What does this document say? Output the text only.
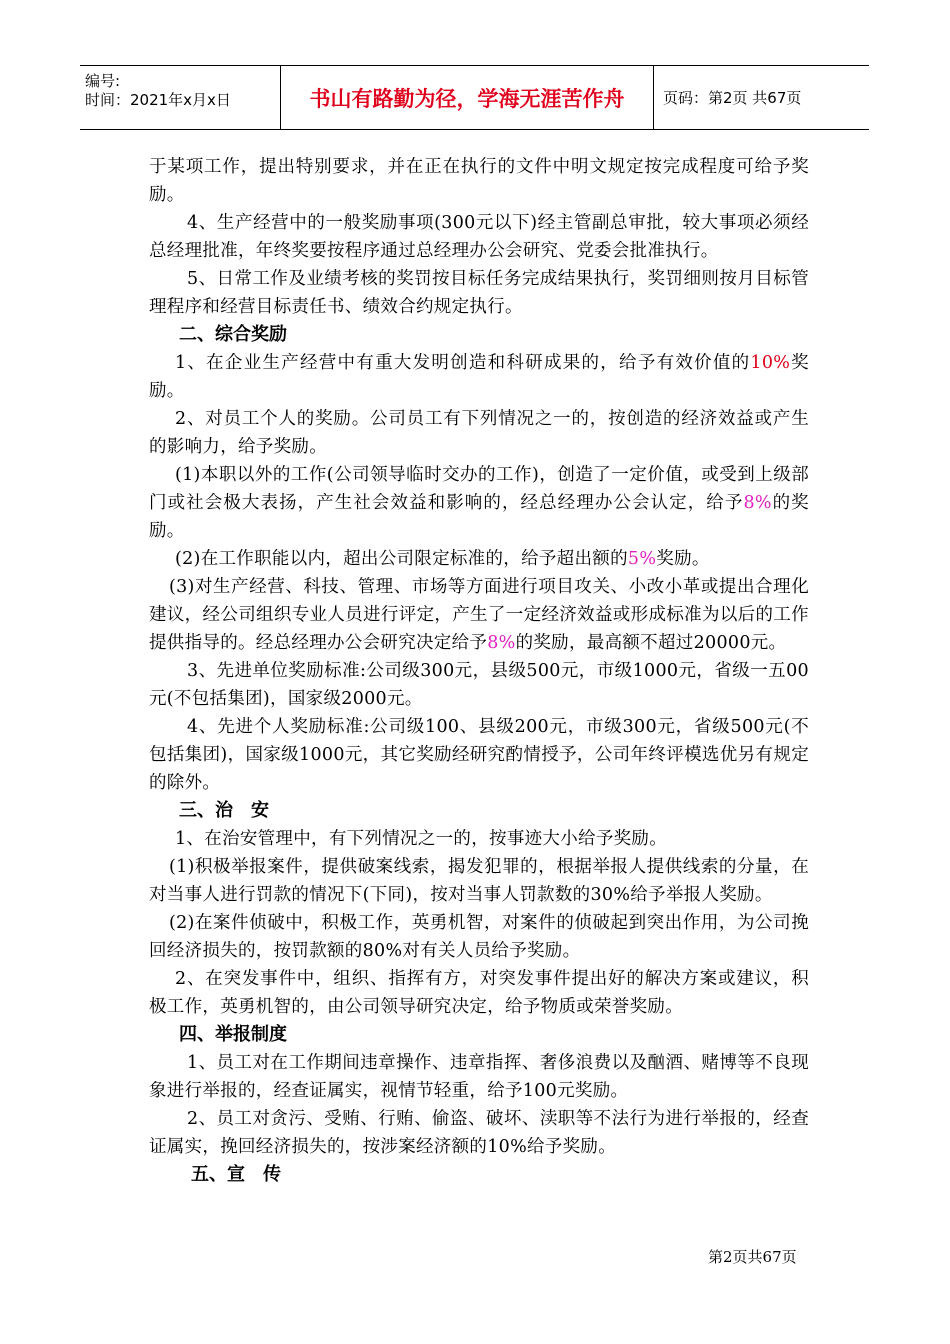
编号:
时间：2021年x月x日	书山有路勤为径，学海无涯苦作舟	页码：第2页 共67页

于某项工作，提出特别要求，并在正在执行的文件中明文规定按完成程度可给予奖励。

4、生产经营中的一般奖励事项(300元以下)经主管副总审批，较大事项必须经总经理批准，年终奖要按程序通过总经理办公会研究、党委会批准执行。

5、日常工作及业绩考核的奖罚按目标任务完成结果执行，奖罚细则按月目标管理程序和经营目标责任书、绩效合约规定执行。

二、综合奖励

1、在企业生产经营中有重大发明创造和科研成果的，给予有效价值的10%奖励。

2、对员工个人的奖励。公司员工有下列情况之一的，按创造的经济效益或产生的影响力，给予奖励。

(1)本职以外的工作(公司领导临时交办的工作)，创造了一定价值，或受到上级部门或社会极大表扬，产生社会效益和影响的，经总经理办公会认定，给予8%的奖励。

(2)在工作职能以内，超出公司限定标准的，给予超出额的5%奖励。

(3)对生产经营、科技、管理、市场等方面进行项目攻关、小改小革或提出合理化建议，经公司组织专业人员进行评定，产生了一定经济效益或形成标准为以后的工作提供指导的。经总经理办公会研究决定给予8%的奖励，最高额不超过20000元。

3、先进单位奖励标准:公司级300元，县级500元，市级1000元，省级一五00元(不包括集团)，国家级2000元。

4、先进个人奖励标准:公司级100、县级200元，市级300元，省级500元(不包括集团)，国家级1000元，其它奖励经研究酌情授予，公司年终评模选优另有规定的除外。

三、治　安

1、在治安管理中，有下列情况之一的，按事迹大小给予奖励。

(1)积极举报案件，提供破案线索，揭发犯罪的，根据举报人提供线索的分量，在对当事人进行罚款的情况下(下同)，按对当事人罚款数的30%给予举报人奖励。

(2)在案件侦破中，积极工作，英勇机智，对案件的侦破起到突出作用，为公司挽回经济损失的，按罚款额的80%对有关人员给予奖励。

2、在突发事件中，组织、指挥有方，对突发事件提出好的解决方案或建议，积极工作，英勇机智的，由公司领导研究决定，给予物质或荣誉奖励。

四、举报制度

1、员工对在工作期间违章操作、违章指挥、奢侈浪费以及酗酒、赌博等不良现象进行举报的，经查证属实，视情节轻重，给予100元奖励。

2、员工对贪污、受贿、行贿、偷盗、破坏、渎职等不法行为进行举报的，经查证属实，挽回经济损失的，按涉案经济额的10%给予奖励。

五、宣　传

第2页共67页
